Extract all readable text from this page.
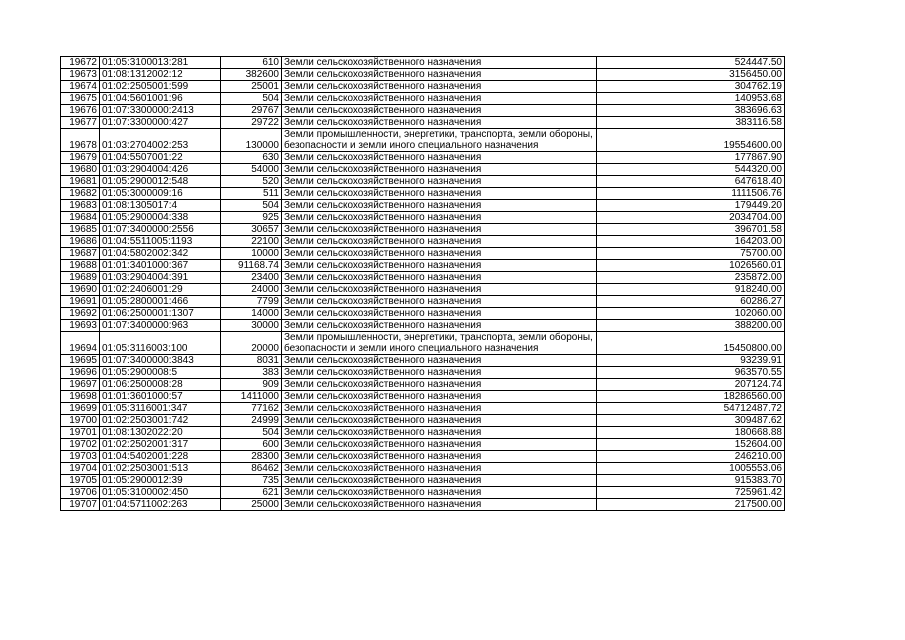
19672	01:05:3100013:281	610	Земли сельскохозяйственного назначения	524447.50
19673	01:08:1312002:12	382600	Земли сельскохозяйственного назначения	3156450.00
19674	01:02:2505001:599	25001	Земли сельскохозяйственного назначения	304762.19
19675	01:04:5601001:96	504	Земли сельскохозяйственного назначения	140953.68
19676	01:07:3300000:2413	29767	Земли сельскохозяйственного назначения	383696.63
19677	01:07:3300000:427	29722	Земли сельскохозяйственного назначения	383116.58
19678	01:03:2704002:253	130000	Земли промышленности, энергетики, транспорта, земли обороны, безопасности и земли иного специального назначения	19554600.00
19679	01:04:5507001:22	630	Земли сельскохозяйственного назначения	177867.90
19680	01:03:2904004:426	54000	Земли сельскохозяйственного назначения	544320.00
19681	01:05:2900012:548	520	Земли сельскохозяйственного назначения	647618.40
19682	01:05:3000009:16	511	Земли сельскохозяйственного назначения	1111506.76
19683	01:08:1305017:4	504	Земли сельскохозяйственного назначения	179449.20
19684	01:05:2900004:338	925	Земли сельскохозяйственного назначения	2034704.00
19685	01:07:3400000:2556	30657	Земли сельскохозяйственного назначения	396701.58
19686	01:04:5511005:1193	22100	Земли сельскохозяйственного назначения	164203.00
19687	01:04:5802002:342	10000	Земли сельскохозяйственного назначения	75700.00
19688	01:01:3401000:367	91168.74	Земли сельскохозяйственного назначения	1026560.01
19689	01:03:2904004:391	23400	Земли сельскохозяйственного назначения	235872.00
19690	01:02:2406001:29	24000	Земли сельскохозяйственного назначения	918240.00
19691	01:05:2800001:466	7799	Земли сельскохозяйственного назначения	60286.27
19692	01:06:2500001:1307	14000	Земли сельскохозяйственного назначения	102060.00
19693	01:07:3400000:963	30000	Земли сельскохозяйственного назначения	388200.00
19694	01:05:3116003:100	20000	Земли промышленности, энергетики, транспорта, земли обороны, безопасности и земли иного специального назначения	15450800.00
19695	01:07:3400000:3843	8031	Земли сельскохозяйственного назначения	93239.91
19696	01:05:2900008:5	383	Земли сельскохозяйственного назначения	963570.55
19697	01:06:2500008:28	909	Земли сельскохозяйственного назначения	207124.74
19698	01:01:3601000:57	1411000	Земли сельскохозяйственного назначения	18286560.00
19699	01:05:3116001:347	77162	Земли сельскохозяйственного назначения	54712487.72
19700	01:02:2503001:742	24999	Земли сельскохозяйственного назначения	309487.62
19701	01:08:1302022:20	504	Земли сельскохозяйственного назначения	180668.88
19702	01:02:2502001:317	600	Земли сельскохозяйственного назначения	152604.00
19703	01:04:5402001:228	28300	Земли сельскохозяйственного назначения	246210.00
19704	01:02:2503001:513	86462	Земли сельскохозяйственного назначения	1005553.06
19705	01:05:2900012:39	735	Земли сельскохозяйственного назначения	915383.70
19706	01:05:3100002:450	621	Земли сельскохозяйственного назначения	725961.42
19707	01:04:5711002:263	25000	Земли сельскохозяйственного назначения	217500.00
